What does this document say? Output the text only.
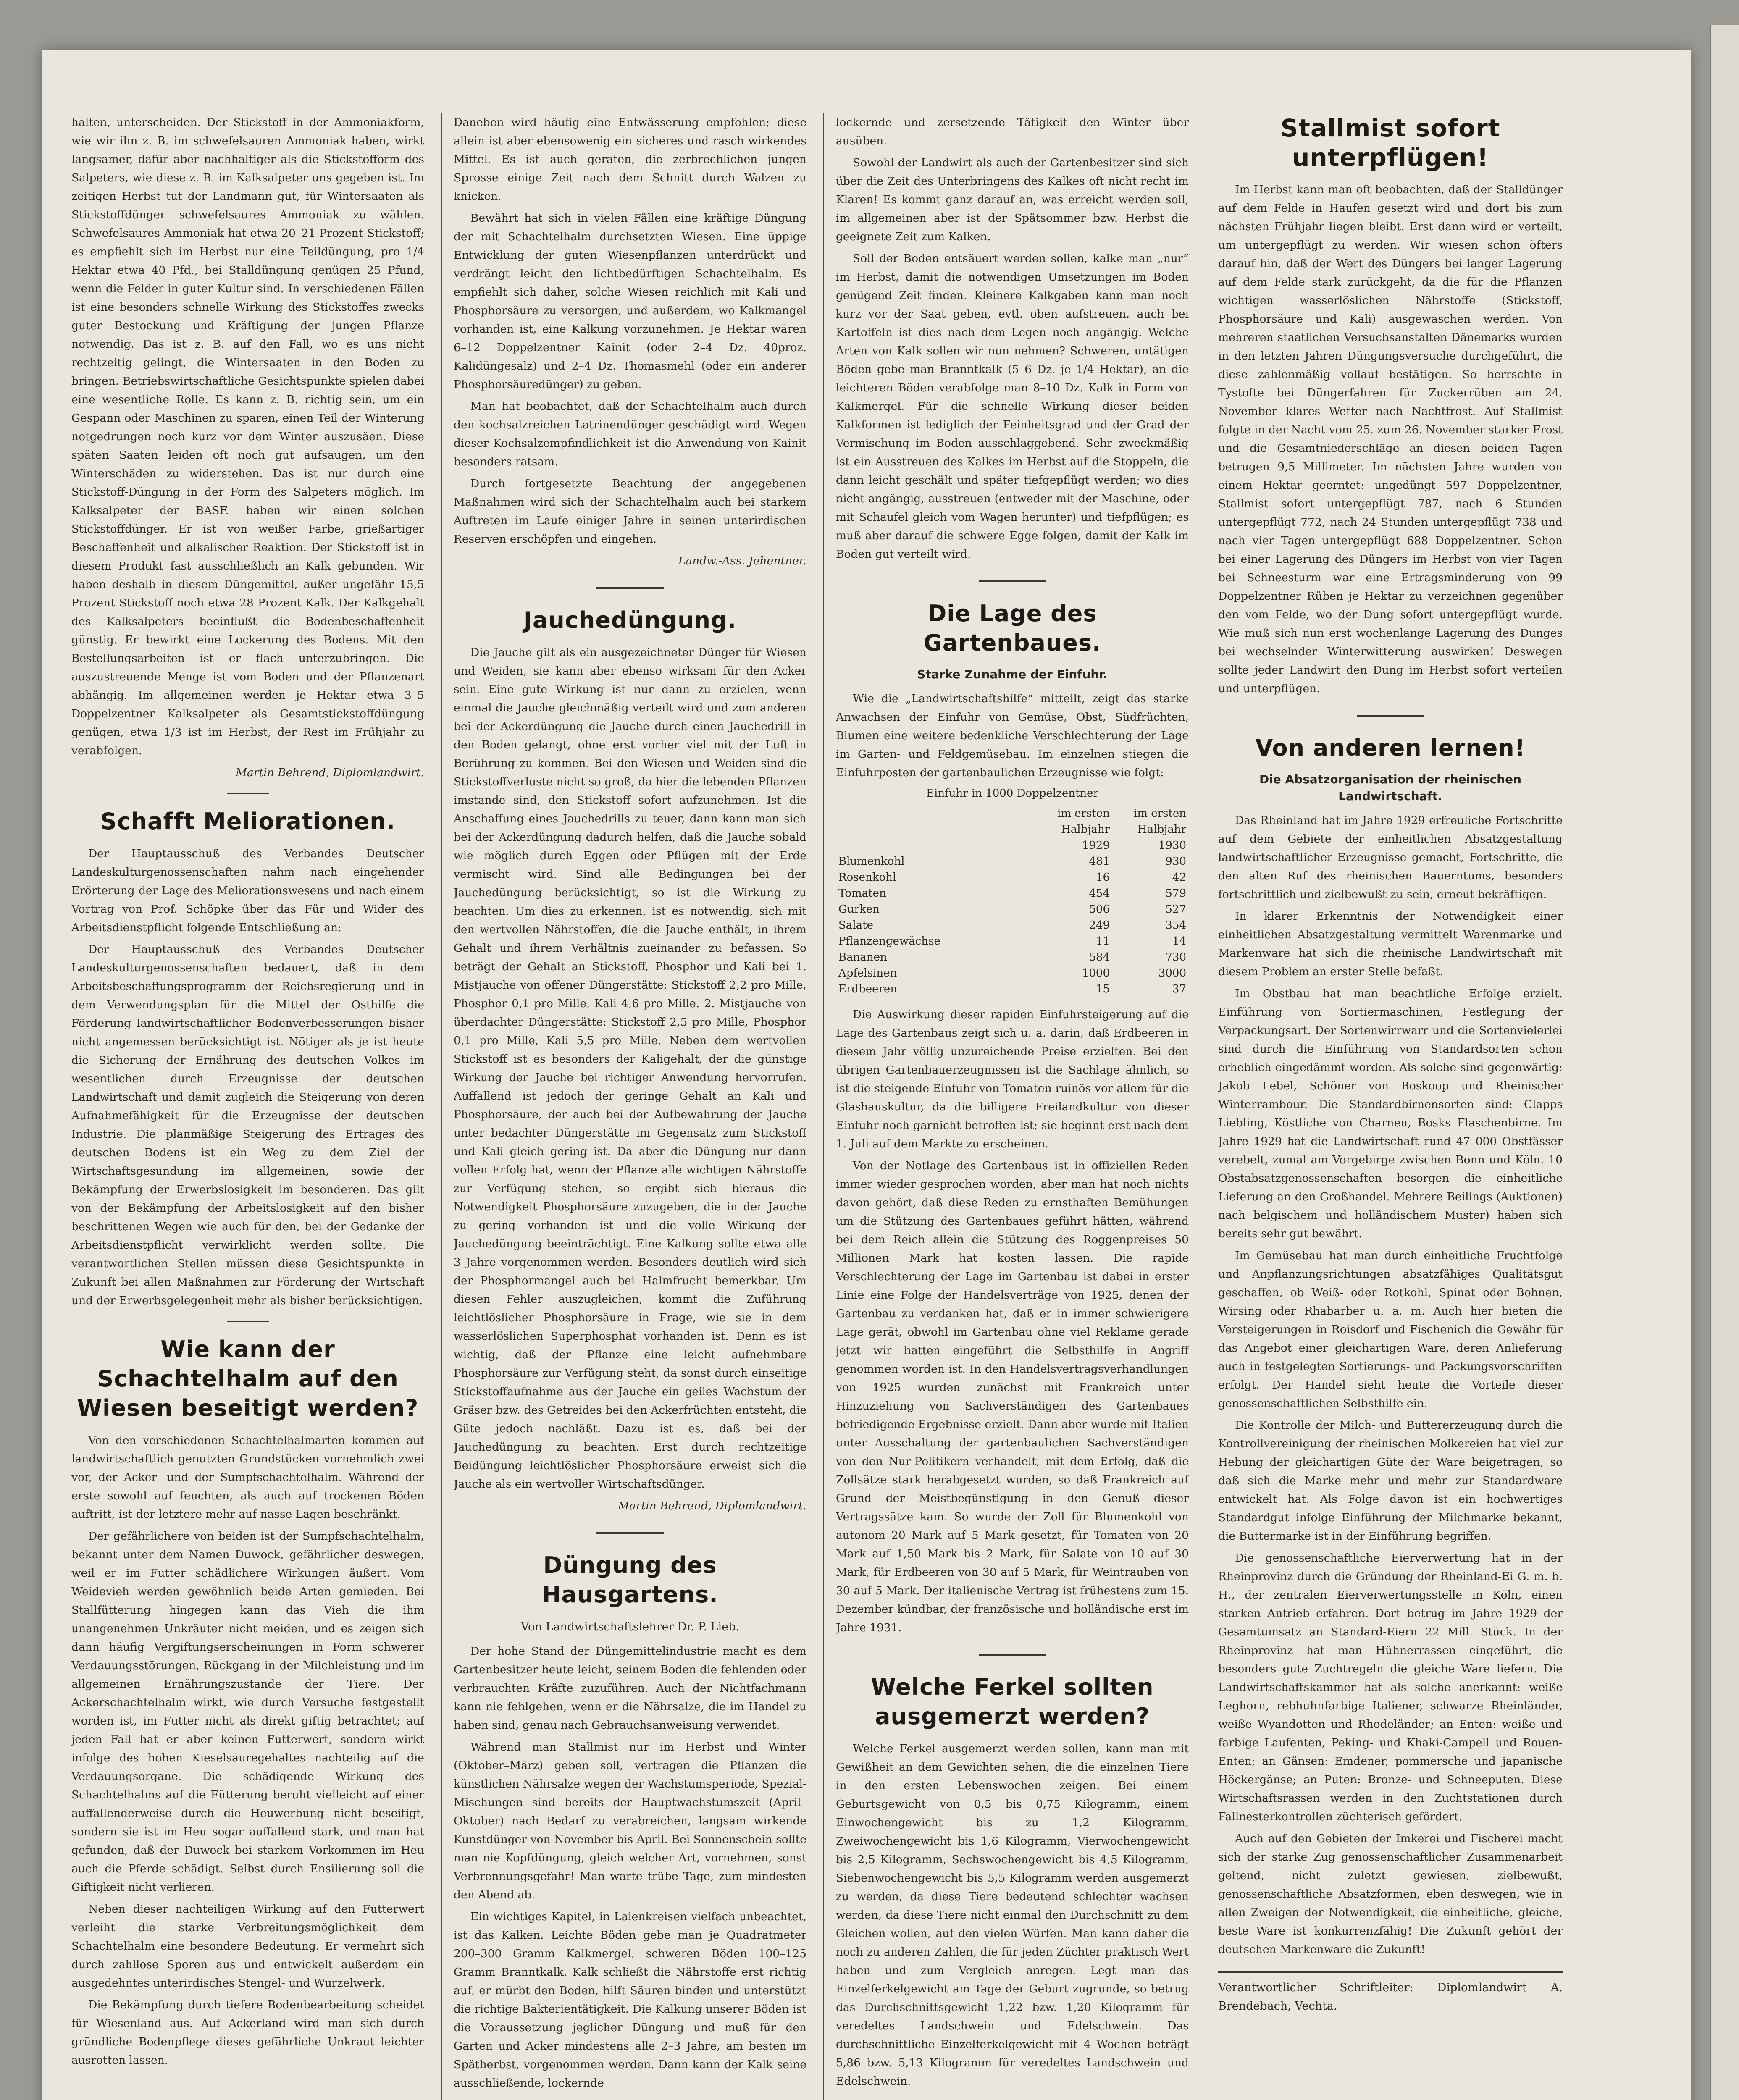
halten, unterscheiden. Der Stickstoff in der Ammoniakform, wie wir ihn z. B. im schwefelsauren Ammoniak haben, wirkt langsamer, dafür aber nachhaltiger als die Stickstofform des Salpeters, wie diese z. B. im Kalksalpeter uns gegeben ist. Im zeitigen Herbst tut der Landmann gut, für Wintersaaten als Stickstoffdünger schwefelsaures Ammoniak zu wählen. Schwefelsaures Ammoniak hat etwa 20–21 Prozent Stickstoff; es empfiehlt sich im Herbst nur eine Teildüngung, pro 1/4 Hektar etwa 40 Pfd., bei Stalldüngung genügen 25 Pfund, wenn die Felder in guter Kultur sind. In verschiedenen Fällen ist eine besonders schnelle Wirkung des Stickstoffes zwecks guter Bestockung und Kräftigung der jungen Pflanze notwendig. Das ist z. B. auf den Fall, wo es uns nicht rechtzeitig gelingt, die Wintersaaten in den Boden zu bringen. Betriebswirtschaftliche Gesichtspunkte spielen dabei eine wesentliche Rolle. Es kann z. B. richtig sein, um ein Gespann oder Maschinen zu sparen, einen Teil der Winterung notgedrungen noch kurz vor dem Winter auszusäen. Diese späten Saaten leiden oft noch gut aufsaugen, um den Winterschäden zu widerstehen. Das ist nur durch eine Stickstoff-Düngung in der Form des Salpeters möglich. Im Kalksalpeter der BASF. haben wir einen solchen Stickstoffdünger. Er ist von weißer Farbe, grießartiger Beschaffenheit und alkalischer Reaktion. Der Stickstoff ist in diesem Produkt fast ausschließlich an Kalk gebunden. Wir haben deshalb in diesem Düngemittel, außer ungefähr 15,5 Prozent Stickstoff noch etwa 28 Prozent Kalk. Der Kalkgehalt des Kalksalpeters beeinflußt die Bodenbeschaffenheit günstig. Er bewirkt eine Lockerung des Bodens. Mit den Bestellungsarbeiten ist er flach unterzubringen. Die auszustreuende Menge ist vom Boden und der Pflanzenart abhängig. Im allgemeinen werden je Hektar etwa 3–5 Doppelzentner Kalksalpeter als Gesamtstickstoffdüngung genügen, etwa 1/3 ist im Herbst, der Rest im Frühjahr zu verabfolgen.

Martin Behrend, Diplomlandwirt.
Schafft Meliorationen.

Der Hauptausschuß des Verbandes Deutscher Landeskulturgenossenschaften nahm nach eingehender Erörterung der Lage des Meliorationswesens und nach einem Vortrag von Prof. Schöpke über das Für und Wider des Arbeitsdienstpflicht folgende Entschließung an:

Der Hauptausschuß des Verbandes Deutscher Landeskulturgenossenschaften bedauert, daß in dem Arbeitsbeschaffungsprogramm der Reichsregierung und in dem Verwendungsplan für die Mittel der Osthilfe die Förderung landwirtschaftlicher Bodenverbesserungen bisher nicht angemessen berücksichtigt ist. Nötiger als je ist heute die Sicherung der Ernährung des deutschen Volkes im wesentlichen durch Erzeugnisse der deutschen Landwirtschaft und damit zugleich die Steigerung von deren Aufnahmefähigkeit für die Erzeugnisse der deutschen Industrie. Die planmäßige Steigerung des Ertrages des deutschen Bodens ist ein Weg zu dem Ziel der Wirtschaftsgesundung im allgemeinen, sowie der Bekämpfung der Erwerbslosigkeit im besonderen. Das gilt von der Bekämpfung der Arbeitslosigkeit auf den bisher beschrittenen Wegen wie auch für den, bei der Gedanke der Arbeitsdienstpflicht verwirklicht werden sollte. Die verantwortlichen Stellen müssen diese Gesichtspunkte in Zukunft bei allen Maßnahmen zur Förderung der Wirtschaft und der Erwerbsgelegenheit mehr als bisher berücksichtigen.

Wie kann der Schachtelhalm auf den Wiesen beseitigt werden?

Von den verschiedenen Schachtelhalmarten kommen auf landwirtschaftlich genutzten Grundstücken vornehmlich zwei vor, der Acker- und der Sumpfschachtelhalm. Während der erste sowohl auf feuchten, als auch auf trockenen Böden auftritt, ist der letztere mehr auf nasse Lagen beschränkt.

Der gefährlichere von beiden ist der Sumpfschachtelhalm, bekannt unter dem Namen Duwock, gefährlicher deswegen, weil er im Futter schädlichere Wirkungen äußert. Vom Weidevieh werden gewöhnlich beide Arten gemieden. Bei Stallfütterung hingegen kann das Vieh die ihm unangenehmen Unkräuter nicht meiden, und es zeigen sich dann häufig Vergiftungserscheinungen in Form schwerer Verdauungsstörungen, Rückgang in der Milchleistung und im allgemeinen Ernährungszustande der Tiere. Der Ackerschachtelhalm wirkt, wie durch Versuche festgestellt worden ist, im Futter nicht als direkt giftig betrachtet; auf jeden Fall hat er aber keinen Futterwert, sondern wirkt infolge des hohen Kieselsäuregehaltes nachteilig auf die Verdauungsorgane. Die schädigende Wirkung des Schachtelhalms auf die Fütterung beruht vielleicht auf einer auffallenderweise durch die Heuwerbung nicht beseitigt, sondern sie ist im Heu sogar auffallend stark, und man hat gefunden, daß der Duwock bei starkem Vorkommen im Heu auch die Pferde schädigt. Selbst durch Ensilierung soll die Giftigkeit nicht verlieren.

Neben dieser nachteiligen Wirkung auf den Futterwert verleiht die starke Verbreitungsmöglichkeit dem Schachtelhalm eine besondere Bedeutung. Er vermehrt sich durch zahllose Sporen aus und entwickelt außerdem ein ausgedehntes unterirdisches Stengel- und Wurzelwerk.

Die Bekämpfung durch tiefere Bodenbearbeitung scheidet für Wiesenland aus. Auf Ackerland wird man sich durch gründliche Bodenpflege dieses gefährliche Unkraut leichter ausrotten lassen.

Daneben wird häufig eine Entwässerung empfohlen; diese allein ist aber ebensowenig ein sicheres und rasch wirkendes Mittel. Es ist auch geraten, die zerbrechlichen jungen Sprosse einige Zeit nach dem Schnitt durch Walzen zu knicken.

Bewährt hat sich in vielen Fällen eine kräftige Düngung der mit Schachtelhalm durchsetzten Wiesen. Eine üppige Entwicklung der guten Wiesenpflanzen unterdrückt und verdrängt leicht den lichtbedürftigen Schachtelhalm. Es empfiehlt sich daher, solche Wiesen reichlich mit Kali und Phosphorsäure zu versorgen, und außerdem, wo Kalkmangel vorhanden ist, eine Kalkung vorzunehmen. Je Hektar wären 6–12 Doppelzentner Kainit (oder 2–4 Dz. 40proz. Kalidüngesalz) und 2–4 Dz. Thomasmehl (oder ein anderer Phosphorsäuredünger) zu geben.

Man hat beobachtet, daß der Schachtelhalm auch durch den kochsalzreichen Latrinendünger geschädigt wird. Wegen dieser Kochsalzempfindlichkeit ist die Anwendung von Kainit besonders ratsam.

Durch fortgesetzte Beachtung der angegebenen Maßnahmen wird sich der Schachtelhalm auch bei starkem Auftreten im Laufe einiger Jahre in seinen unterirdischen Reserven erschöpfen und eingehen.

Landw.-Ass. Jehentner.
Jauchedüngung.

Die Jauche gilt als ein ausgezeichneter Dünger für Wiesen und Weiden, sie kann aber ebenso wirksam für den Acker sein. Eine gute Wirkung ist nur dann zu erzielen, wenn einmal die Jauche gleichmäßig verteilt wird und zum anderen bei der Ackerdüngung die Jauche durch einen Jauchedrill in den Boden gelangt, ohne erst vorher viel mit der Luft in Berührung zu kommen. Bei den Wiesen und Weiden sind die Stickstoffverluste nicht so groß, da hier die lebenden Pflanzen imstande sind, den Stickstoff sofort aufzunehmen. Ist die Anschaffung eines Jauchedrills zu teuer, dann kann man sich bei der Ackerdüngung dadurch helfen, daß die Jauche sobald wie möglich durch Eggen oder Pflügen mit der Erde vermischt wird. Sind alle Bedingungen bei der Jauchedüngung berücksichtigt, so ist die Wirkung zu beachten. Um dies zu erkennen, ist es notwendig, sich mit den wertvollen Nährstoffen, die die Jauche enthält, in ihrem Gehalt und ihrem Verhältnis zueinander zu befassen. So beträgt der Gehalt an Stickstoff, Phosphor und Kali bei 1. Mistjauche von offener Düngerstätte: Stickstoff 2,2 pro Mille, Phosphor 0,1 pro Mille, Kali 4,6 pro Mille. 2. Mistjauche von überdachter Düngerstätte: Stickstoff 2,5 pro Mille, Phosphor 0,1 pro Mille, Kali 5,5 pro Mille. Neben dem wertvollen Stickstoff ist es besonders der Kaligehalt, der die günstige Wirkung der Jauche bei richtiger Anwendung hervorrufen. Auffallend ist jedoch der geringe Gehalt an Kali und Phosphorsäure, der auch bei der Aufbewahrung der Jauche unter bedachter Düngerstätte im Gegensatz zum Stickstoff und Kali gleich gering ist. Da aber die Düngung nur dann vollen Erfolg hat, wenn der Pflanze alle wichtigen Nährstoffe zur Verfügung stehen, so ergibt sich hieraus die Notwendigkeit Phosphorsäure zuzugeben, die in der Jauche zu gering vorhanden ist und die volle Wirkung der Jauchedüngung beeinträchtigt. Eine Kalkung sollte etwa alle 3 Jahre vorgenommen werden. Besonders deutlich wird sich der Phosphormangel auch bei Halmfrucht bemerkbar. Um diesen Fehler auszugleichen, kommt die Zuführung leichtlöslicher Phosphorsäure in Frage, wie sie in dem wasserlöslichen Superphosphat vorhanden ist. Denn es ist wichtig, daß der Pflanze eine leicht aufnehmbare Phosphorsäure zur Verfügung steht, da sonst durch einseitige Stickstoffaufnahme aus der Jauche ein geiles Wachstum der Gräser bzw. des Getreides bei den Ackerfrüchten entsteht, die Güte jedoch nachläßt. Dazu ist es, daß bei der Jauchedüngung zu beachten. Erst durch rechtzeitige Beidüngung leichtlöslicher Phosphorsäure erweist sich die Jauche als ein wertvoller Wirtschaftsdünger.

Martin Behrend, Diplomlandwirt.
Düngung des Hausgartens.
Von Landwirtschaftslehrer Dr. P. Lieb.

Der hohe Stand der Düngemittelindustrie macht es dem Gartenbesitzer heute leicht, seinem Boden die fehlenden oder verbrauchten Kräfte zuzuführen. Auch der Nichtfachmann kann nie fehlgehen, wenn er die Nährsalze, die im Handel zu haben sind, genau nach Gebrauchsanweisung verwendet.

Während man Stallmist nur im Herbst und Winter (Oktober–März) geben soll, vertragen die Pflanzen die künstlichen Nährsalze wegen der Wachstumsperiode, Spezial-Mischungen sind bereits der Hauptwachstumszeit (April–Oktober) nach Bedarf zu verabreichen, langsam wirkende Kunstdünger von November bis April. Bei Sonnenschein sollte man nie Kopfdüngung, gleich welcher Art, vornehmen, sonst Verbrennungsgefahr! Man warte trübe Tage, zum mindesten den Abend ab.

Ein wichtiges Kapitel, in Laienkreisen vielfach unbeachtet, ist das Kalken. Leichte Böden gebe man je Quadratmeter 200–300 Gramm Kalkmergel, schweren Böden 100–125 Gramm Branntkalk. Kalk schließt die Nährstoffe erst richtig auf, er mürbt den Boden, hilft Säuren binden und unterstützt die richtige Bakterientätigkeit. Die Kalkung unserer Böden ist die Voraussetzung jeglicher Düngung und muß für den Garten und Acker mindestens alle 2–3 Jahre, am besten im Spätherbst, vorgenommen werden. Dann kann der Kalk seine ausschließende, lockernde

lockernde und zersetzende Tätigkeit den Winter über ausüben.

Sowohl der Landwirt als auch der Gartenbesitzer sind sich über die Zeit des Unterbringens des Kalkes oft nicht recht im Klaren! Es kommt ganz darauf an, was erreicht werden soll, im allgemeinen aber ist der Spätsommer bzw. Herbst die geeignete Zeit zum Kalken.

Soll der Boden entsäuert werden sollen, kalke man „nur“ im Herbst, damit die notwendigen Umsetzungen im Boden genügend Zeit finden. Kleinere Kalkgaben kann man noch kurz vor der Saat geben, evtl. oben aufstreuen, auch bei Kartoffeln ist dies nach dem Legen noch angängig. Welche Arten von Kalk sollen wir nun nehmen? Schweren, untätigen Böden gebe man Branntkalk (5–6 Dz. je 1/4 Hektar), an die leichteren Böden verabfolge man 8–10 Dz. Kalk in Form von Kalkmergel. Für die schnelle Wirkung dieser beiden Kalkformen ist lediglich der Feinheitsgrad und der Grad der Vermischung im Boden ausschlaggebend. Sehr zweckmäßig ist ein Ausstreuen des Kalkes im Herbst auf die Stoppeln, die dann leicht geschält und später tiefgepflügt werden; wo dies nicht angängig, ausstreuen (entweder mit der Maschine, oder mit Schaufel gleich vom Wagen herunter) und tiefpflügen; es muß aber darauf die schwere Egge folgen, damit der Kalk im Boden gut verteilt wird.

Die Lage des Gartenbaues.
Starke Zunahme der Einfuhr.

Wie die „Landwirtschaftshilfe“ mitteilt, zeigt das starke Anwachsen der Einfuhr von Gemüse, Obst, Südfrüchten, Blumen eine weitere bedenkliche Verschlechterung der Lage im Garten- und Feldgemüsebau. Im einzelnen stiegen die Einfuhrposten der gartenbaulichen Erzeugnisse wie folgt:

Einfuhr in 1000 Doppelzentner
	im ersten	im ersten
	Halbjahr 1929	Halbjahr 1930
Blumenkohl	481	930
Rosenkohl	16	42
Tomaten	454	579
Gurken	506	527
Salate	249	354
Pflanzengewächse	11	14
Bananen	584	730
Apfelsinen	1000	3000
Erdbeeren	15	37

Die Auswirkung dieser rapiden Einfuhrsteigerung auf die Lage des Gartenbaus zeigt sich u. a. darin, daß Erdbeeren in diesem Jahr völlig unzureichende Preise erzielten. Bei den übrigen Gartenbauerzeugnissen ist die Sachlage ähnlich, so ist die steigende Einfuhr von Tomaten ruinös vor allem für die Glashauskultur, da die billigere Freilandkultur von dieser Einfuhr noch garnicht betroffen ist; sie beginnt erst nach dem 1. Juli auf dem Markte zu erscheinen.

Von der Notlage des Gartenbaus ist in offiziellen Reden immer wieder gesprochen worden, aber man hat noch nichts davon gehört, daß diese Reden zu ernsthaften Bemühungen um die Stützung des Gartenbaues geführt hätten, während bei dem Reich allein die Stützung des Roggenpreises 50 Millionen Mark hat kosten lassen. Die rapide Verschlechterung der Lage im Gartenbau ist dabei in erster Linie eine Folge der Handelsverträge von 1925, denen der Gartenbau zu verdanken hat, daß er in immer schwierigere Lage gerät, obwohl im Gartenbau ohne viel Reklame gerade jetzt wir hatten eingeführt die Selbsthilfe in Angriff genommen worden ist. In den Handelsvertragsverhandlungen von 1925 wurden zunächst mit Frankreich unter Hinzuziehung von Sachverständigen des Gartenbaues befriedigende Ergebnisse erzielt. Dann aber wurde mit Italien unter Ausschaltung der gartenbaulichen Sachverständigen von den Nur-Politikern verhandelt, mit dem Erfolg, daß die Zollsätze stark herabgesetzt wurden, so daß Frankreich auf Grund der Meistbegünstigung in den Genuß dieser Vertragssätze kam. So wurde der Zoll für Blumenkohl von autonom 20 Mark auf 5 Mark gesetzt, für Tomaten von 20 Mark auf 1,50 Mark bis 2 Mark, für Salate von 10 auf 30 Mark, für Erdbeeren von 30 auf 5 Mark, für Weintrauben von 30 auf 5 Mark. Der italienische Vertrag ist frühestens zum 15. Dezember kündbar, der französische und holländische erst im Jahre 1931.

Welche Ferkel sollten ausgemerzt werden?

Welche Ferkel ausgemerzt werden sollen, kann man mit Gewißheit an dem Gewichten sehen, die die einzelnen Tiere in den ersten Lebenswochen zeigen. Bei einem Geburtsgewicht von 0,5 bis 0,75 Kilogramm, einem Einwochengewicht bis zu 1,2 Kilogramm, Zweiwochengewicht bis 1,6 Kilogramm, Vierwochengewicht bis 2,5 Kilogramm, Sechswochengewicht bis 4,5 Kilogramm, Siebenwochengewicht bis 5,5 Kilogramm werden ausgemerzt zu werden, da diese Tiere bedeutend schlechter wachsen werden, da diese Tiere nicht einmal den Durchschnitt zu dem Gleichen wollen, auf den vielen Würfen. Man kann daher die noch zu anderen Zahlen, die für jeden Züchter praktisch Wert haben und zum Vergleich anregen. Legt man das Einzelferkelgewicht am Tage der Geburt zugrunde, so betrug das Durchschnittsgewicht 1,22 bzw. 1,20 Kilogramm für veredeltes Landschwein und Edelschwein. Das durchschnittliche Einzelferkelgewicht mit 4 Wochen beträgt 5,86 bzw. 5,13 Kilogramm für veredeltes Landschwein und Edelschwein.

Stallmist sofort unterpflügen!

Im Herbst kann man oft beobachten, daß der Stalldünger auf dem Felde in Haufen gesetzt wird und dort bis zum nächsten Frühjahr liegen bleibt. Erst dann wird er verteilt, um untergepflügt zu werden. Wir wiesen schon öfters darauf hin, daß der Wert des Düngers bei langer Lagerung auf dem Felde stark zurückgeht, da die für die Pflanzen wichtigen wasserlöslichen Nährstoffe (Stickstoff, Phosphorsäure und Kali) ausgewaschen werden. Von mehreren staatlichen Versuchsanstalten Dänemarks wurden in den letzten Jahren Düngungsversuche durchgeführt, die diese zahlenmäßig vollauf bestätigen. So herrschte in Tystofte bei Düngerfahren für Zuckerrüben am 24. November klares Wetter nach Nachtfrost. Auf Stallmist folgte in der Nacht vom 25. zum 26. November starker Frost und die Gesamtniederschläge an diesen beiden Tagen betrugen 9,5 Millimeter. Im nächsten Jahre wurden von einem Hektar geerntet: ungedüngt 597 Doppelzentner, Stallmist sofort untergepflügt 787, nach 6 Stunden untergepflügt 772, nach 24 Stunden untergepflügt 738 und nach vier Tagen untergepflügt 688 Doppelzentner. Schon bei einer Lagerung des Düngers im Herbst von vier Tagen bei Schneesturm war eine Ertragsminderung von 99 Doppelzentner Rüben je Hektar zu verzeichnen gegenüber den vom Felde, wo der Dung sofort untergepflügt wurde. Wie muß sich nun erst wochenlange Lagerung des Dunges bei wechselnder Winterwitterung auswirken! Deswegen sollte jeder Landwirt den Dung im Herbst sofort verteilen und unterpflügen.

Von anderen lernen!
Die Absatzorganisation der rheinischen Landwirtschaft.

Das Rheinland hat im Jahre 1929 erfreuliche Fortschritte auf dem Gebiete der einheitlichen Absatzgestaltung landwirtschaftlicher Erzeugnisse gemacht, Fortschritte, die den alten Ruf des rheinischen Bauerntums, besonders fortschrittlich und zielbewußt zu sein, erneut bekräftigen.

In klarer Erkenntnis der Notwendigkeit einer einheitlichen Absatzgestaltung vermittelt Warenmarke und Markenware hat sich die rheinische Landwirtschaft mit diesem Problem an erster Stelle befaßt.

Im Obstbau hat man beachtliche Erfolge erzielt. Einführung von Sortiermaschinen, Festlegung der Verpackungsart. Der Sortenwirrwarr und die Sortenvielerlei sind durch die Einführung von Standardsorten schon erheblich eingedämmt worden. Als solche sind gegenwärtig: Jakob Lebel, Schöner von Boskoop und Rheinischer Winterrambour. Die Standardbirnensorten sind: Clapps Liebling, Köstliche von Charneu, Bosks Flaschenbirne. Im Jahre 1929 hat die Landwirtschaft rund 47 000 Obstfässer verebelt, zumal am Vorgebirge zwischen Bonn und Köln. 10 Obstabsatzgenossenschaften besorgen die einheitliche Lieferung an den Großhandel. Mehrere Beilings (Auktionen) nach belgischem und holländischem Muster) haben sich bereits sehr gut bewährt.

Im Gemüsebau hat man durch einheitliche Fruchtfolge und Anpflanzungsrichtungen absatzfähiges Qualitätsgut geschaffen, ob Weiß- oder Rotkohl, Spinat oder Bohnen, Wirsing oder Rhabarber u. a. m. Auch hier bieten die Versteigerungen in Roisdorf und Fischenich die Gewähr für das Angebot einer gleichartigen Ware, deren Anlieferung auch in festgelegten Sortierungs- und Packungsvorschriften erfolgt. Der Handel sieht heute die Vorteile dieser genossenschaftlichen Selbsthilfe ein.

Die Kontrolle der Milch- und Buttererzeugung durch die Kontrollvereinigung der rheinischen Molkereien hat viel zur Hebung der gleichartigen Güte der Ware beigetragen, so daß sich die Marke mehr und mehr zur Standardware entwickelt hat. Als Folge davon ist ein hochwertiges Standardgut infolge Einführung der Milchmarke bekannt, die Buttermarke ist in der Einführung begriffen.

Die genossenschaftliche Eierverwertung hat in der Rheinprovinz durch die Gründung der Rheinland-Ei G. m. b. H., der zentralen Eierverwertungsstelle in Köln, einen starken Antrieb erfahren. Dort betrug im Jahre 1929 der Gesamtumsatz an Standard-Eiern 22 Mill. Stück. In der Rheinprovinz hat man Hühnerrassen eingeführt, die besonders gute Zuchtregeln die gleiche Ware liefern. Die Landwirtschaftskammer hat als solche anerkannt: weiße Leghorn, rebhuhnfarbige Italiener, schwarze Rheinländer, weiße Wyandotten und Rhodeländer; an Enten: weiße und farbige Laufenten, Peking- und Khaki-Campell und Rouen-Enten; an Gänsen: Emdener, pommersche und japanische Höckergänse; an Puten: Bronze- und Schneeputen. Diese Wirtschaftsrassen werden in den Zuchtstationen durch Fallnesterkontrollen züchterisch gefördert.

Auch auf den Gebieten der Imkerei und Fischerei macht sich der starke Zug genossenschaftlicher Zusammenarbeit geltend, nicht zuletzt gewiesen, zielbewußt, genossenschaftliche Absatzformen, eben deswegen, wie in allen Zweigen der Notwendigkeit, die einheitliche, gleiche, beste Ware ist konkurrenzfähig! Die Zukunft gehört der deutschen Markenware die Zukunft!

Verantwortlicher Schriftleiter: Diplomlandwirt A. Brendebach, Vechta.
